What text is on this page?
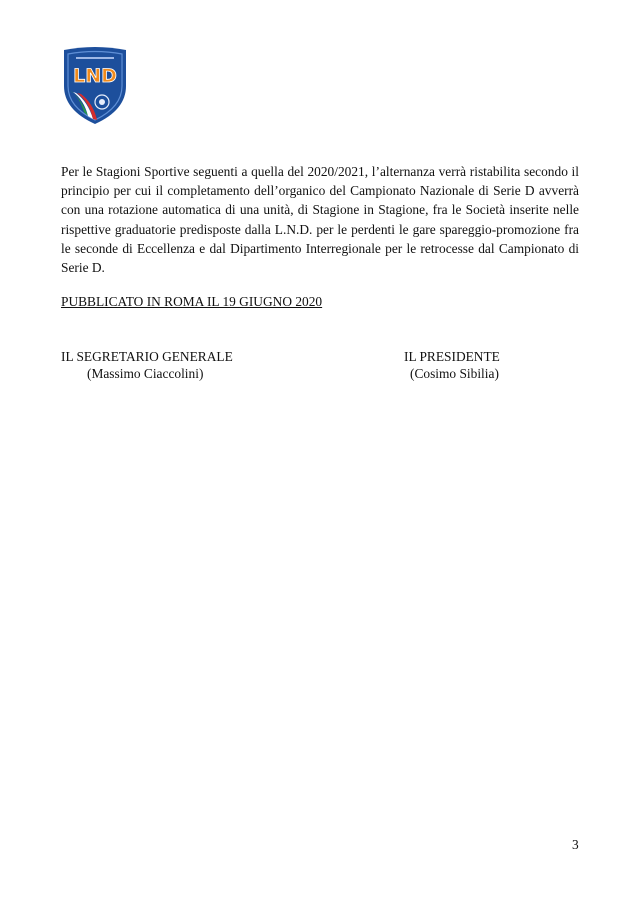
LND

Per le Stagioni Sportive seguenti a quella del 2020/2021, l’alternanza verrà ristabilita secondo il principio per cui il completamento dell’organico del Campionato Nazionale di Serie D avverrà con una rotazione automatica di una unità, di Stagione in Stagione, fra le Società inserite nelle rispettive graduatorie predisposte dalla L.N.D. per le perdenti le gare spareggio-promozione fra le seconde di Eccellenza e dal Dipartimento Interregionale per le retrocesse dal Campionato di Serie D.

PUBBLICATO IN ROMA IL 19 GIUGNO 2020

IL SEGRETARIO GENERALE

(Massimo Ciaccolini)

IL PRESIDENTE

(Cosimo Sibilia)

3
